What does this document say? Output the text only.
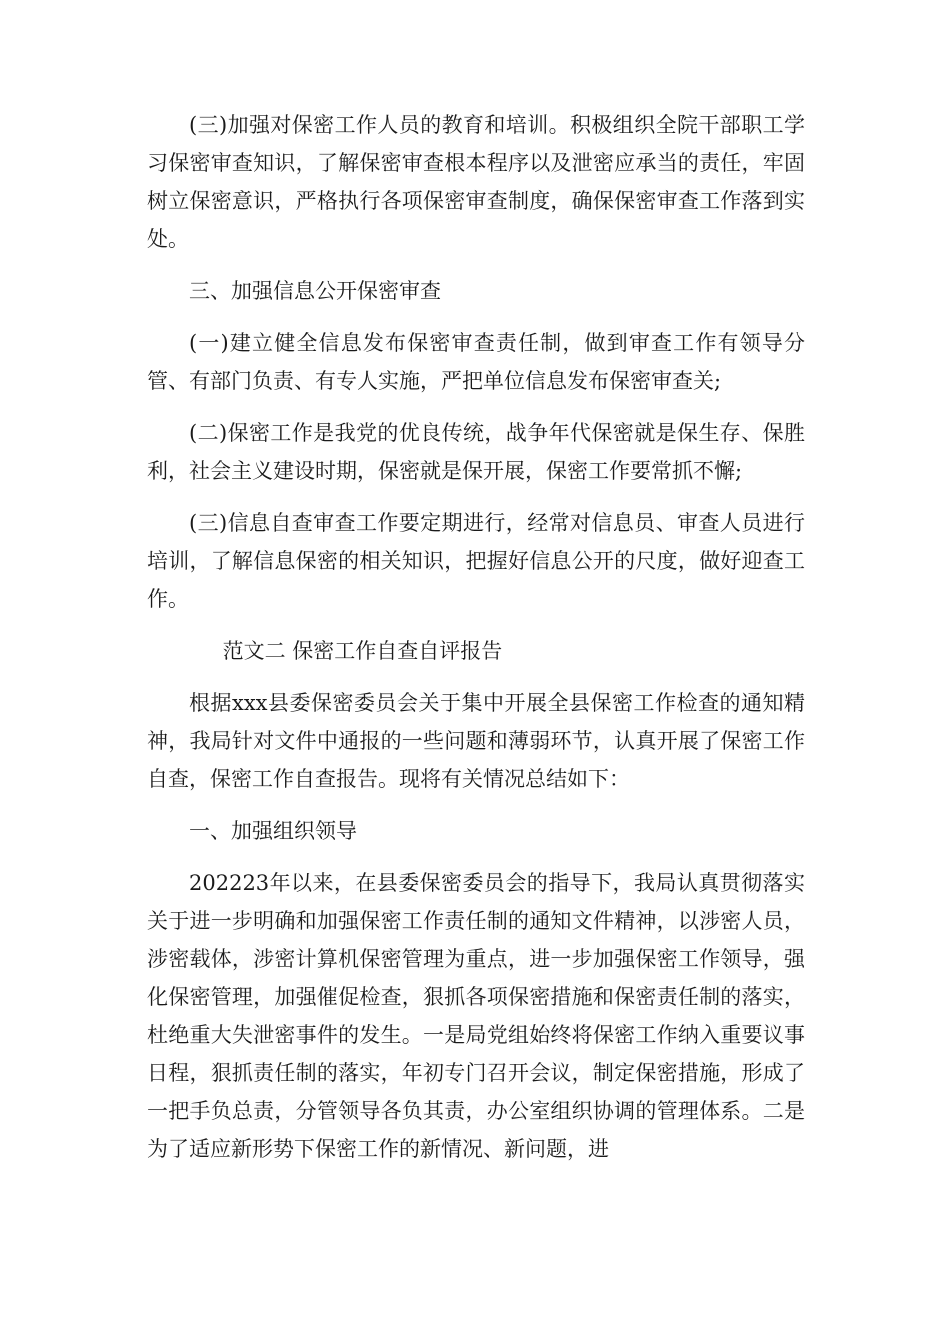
(三)加强对保密工作人员的教育和培训。积极组织全院干部职工学习保密审查知识，了解保密审查根本程序以及泄密应承当的责任，牢固树立保密意识，严格执行各项保密审查制度，确保保密审查工作落到实处。

三、加强信息公开保密审查

(一)建立健全信息发布保密审查责任制，做到审查工作有领导分管、有部门负责、有专人实施，严把单位信息发布保密审查关;

(二)保密工作是我党的优良传统，战争年代保密就是保生存、保胜利，社会主义建设时期，保密就是保开展，保密工作要常抓不懈;

(三)信息自查审查工作要定期进行，经常对信息员、审查人员进行培训，了解信息保密的相关知识，把握好信息公开的尺度，做好迎查工作。

范文二 保密工作自查自评报告

根据xxx县委保密委员会关于集中开展全县保密工作检查的通知精神，我局针对文件中通报的一些问题和薄弱环节，认真开展了保密工作自查，保密工作自查报告。现将有关情况总结如下：

一、加强组织领导

202223年以来，在县委保密委员会的指导下，我局认真贯彻落实关于进一步明确和加强保密工作责任制的通知文件精神，以涉密人员，涉密载体，涉密计算机保密管理为重点，进一步加强保密工作领导，强化保密管理，加强催促检查，狠抓各项保密措施和保密责任制的落实，杜绝重大失泄密事件的发生。一是局党组始终将保密工作纳入重要议事日程，狠抓责任制的落实，年初专门召开会议，制定保密措施，形成了 一把手负总责，分管领导各负其责，办公室组织协调的管理体系。二是为了适应新形势下保密工作的新情况、新问题，进
